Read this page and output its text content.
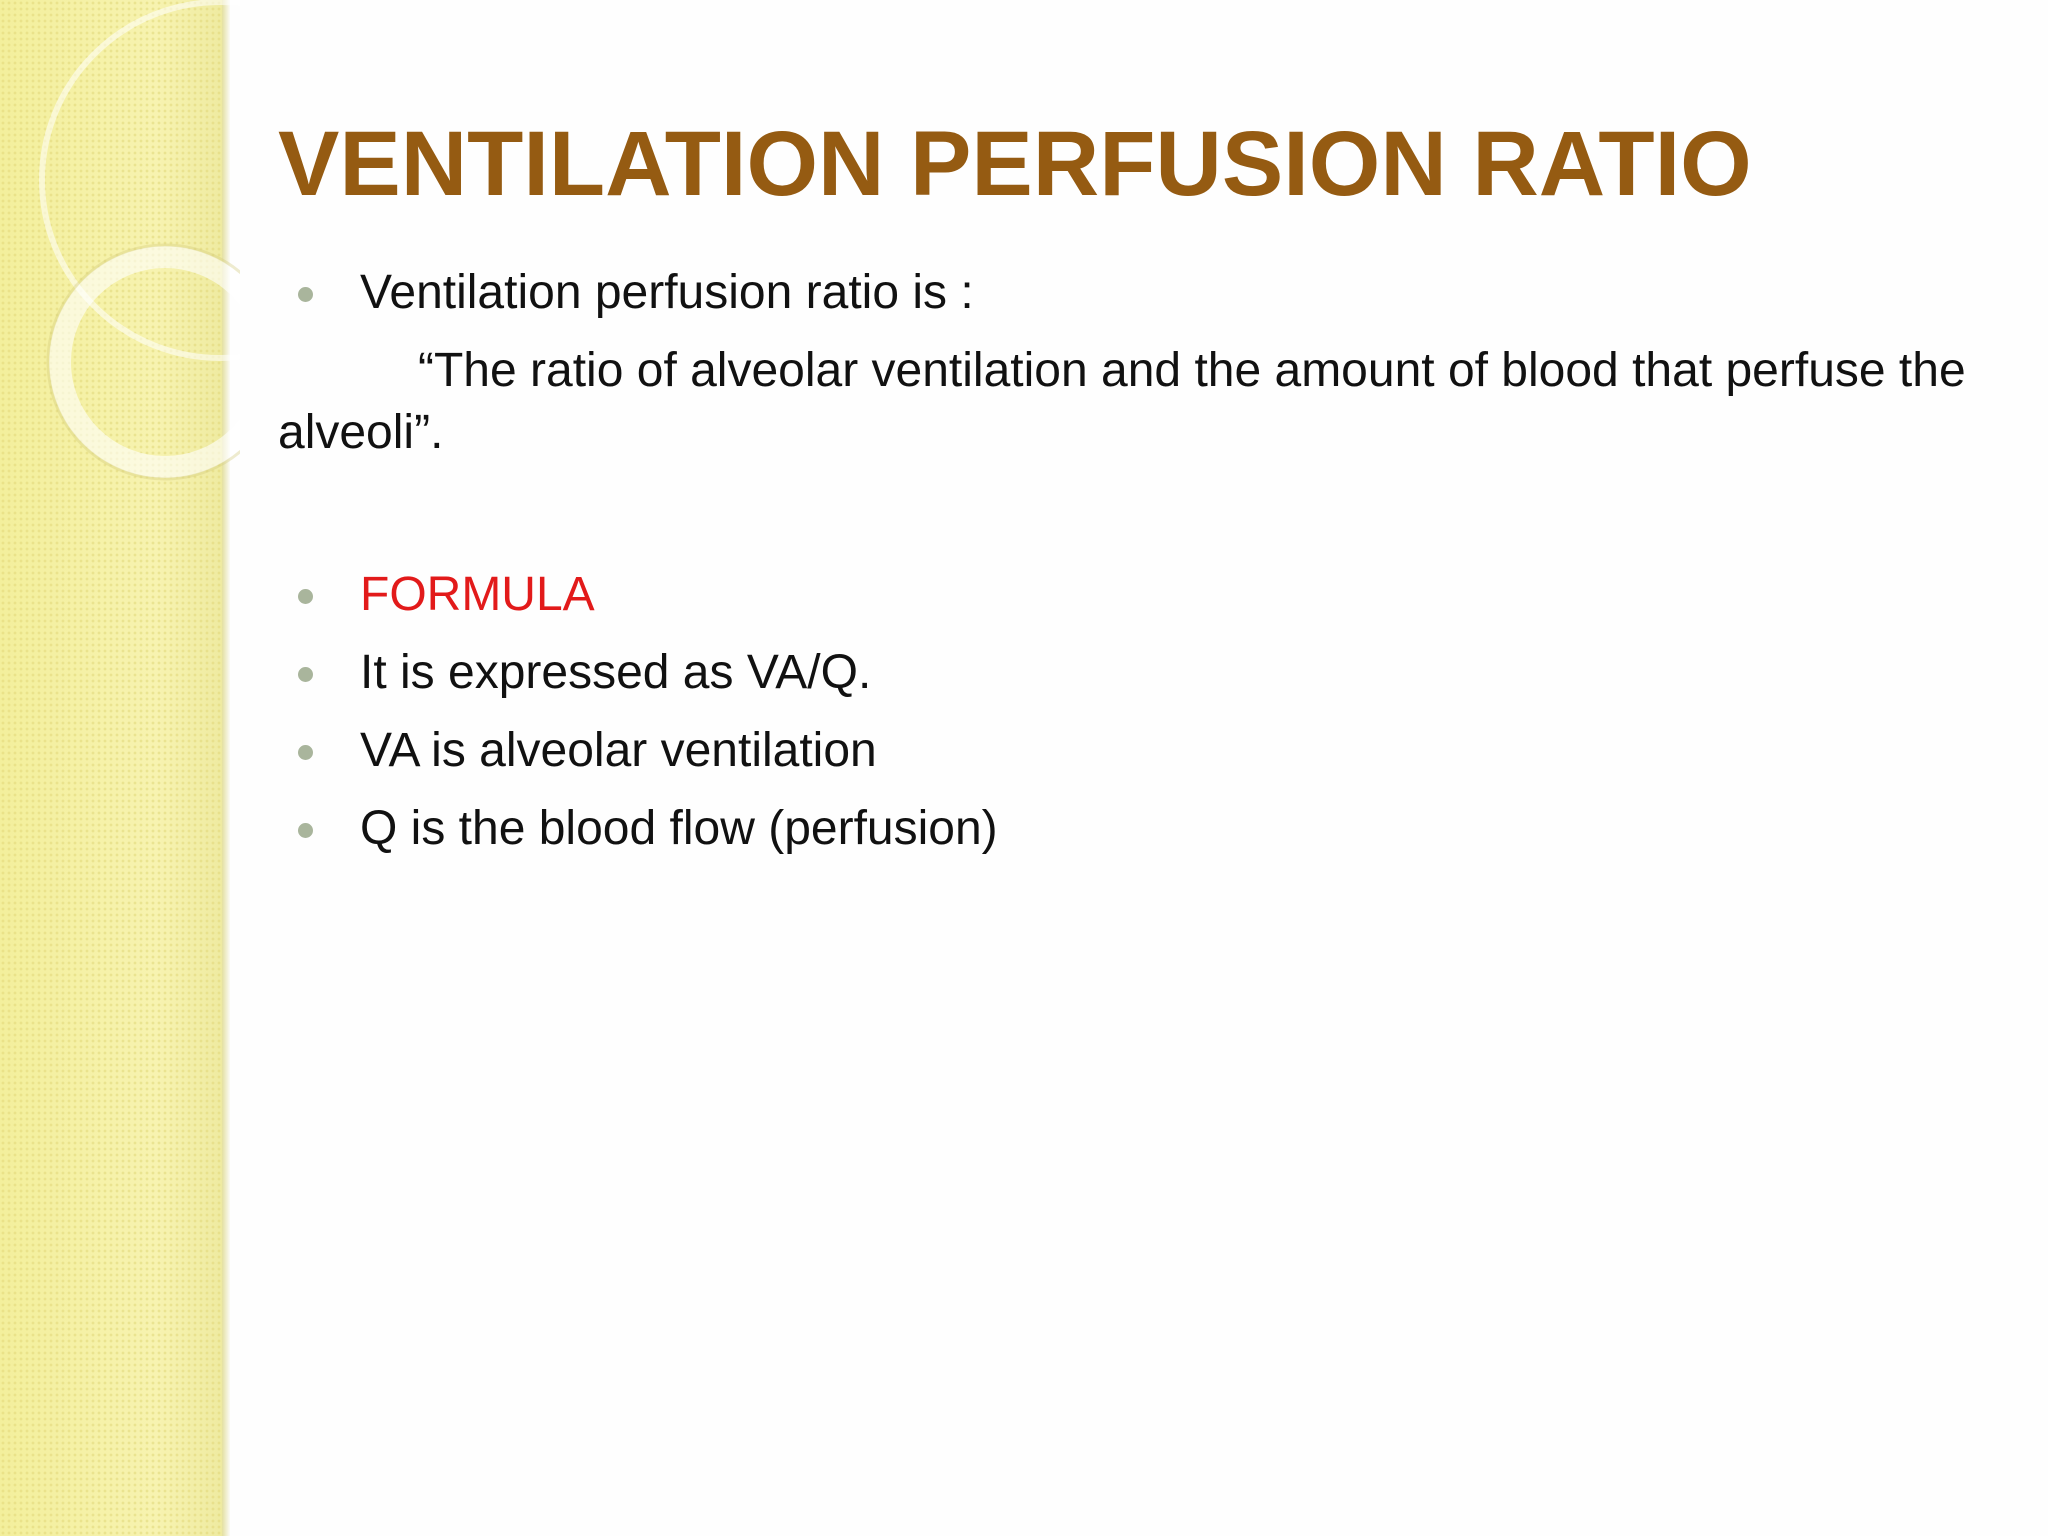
VENTILATION PERFUSION RATIO
Ventilation perfusion ratio is :
“The ratio of alveolar ventilation and the amount of blood that perfuse the alveoli”.
FORMULA
It is expressed as VA/Q.
VA is alveolar ventilation
Q is the blood flow (perfusion)
